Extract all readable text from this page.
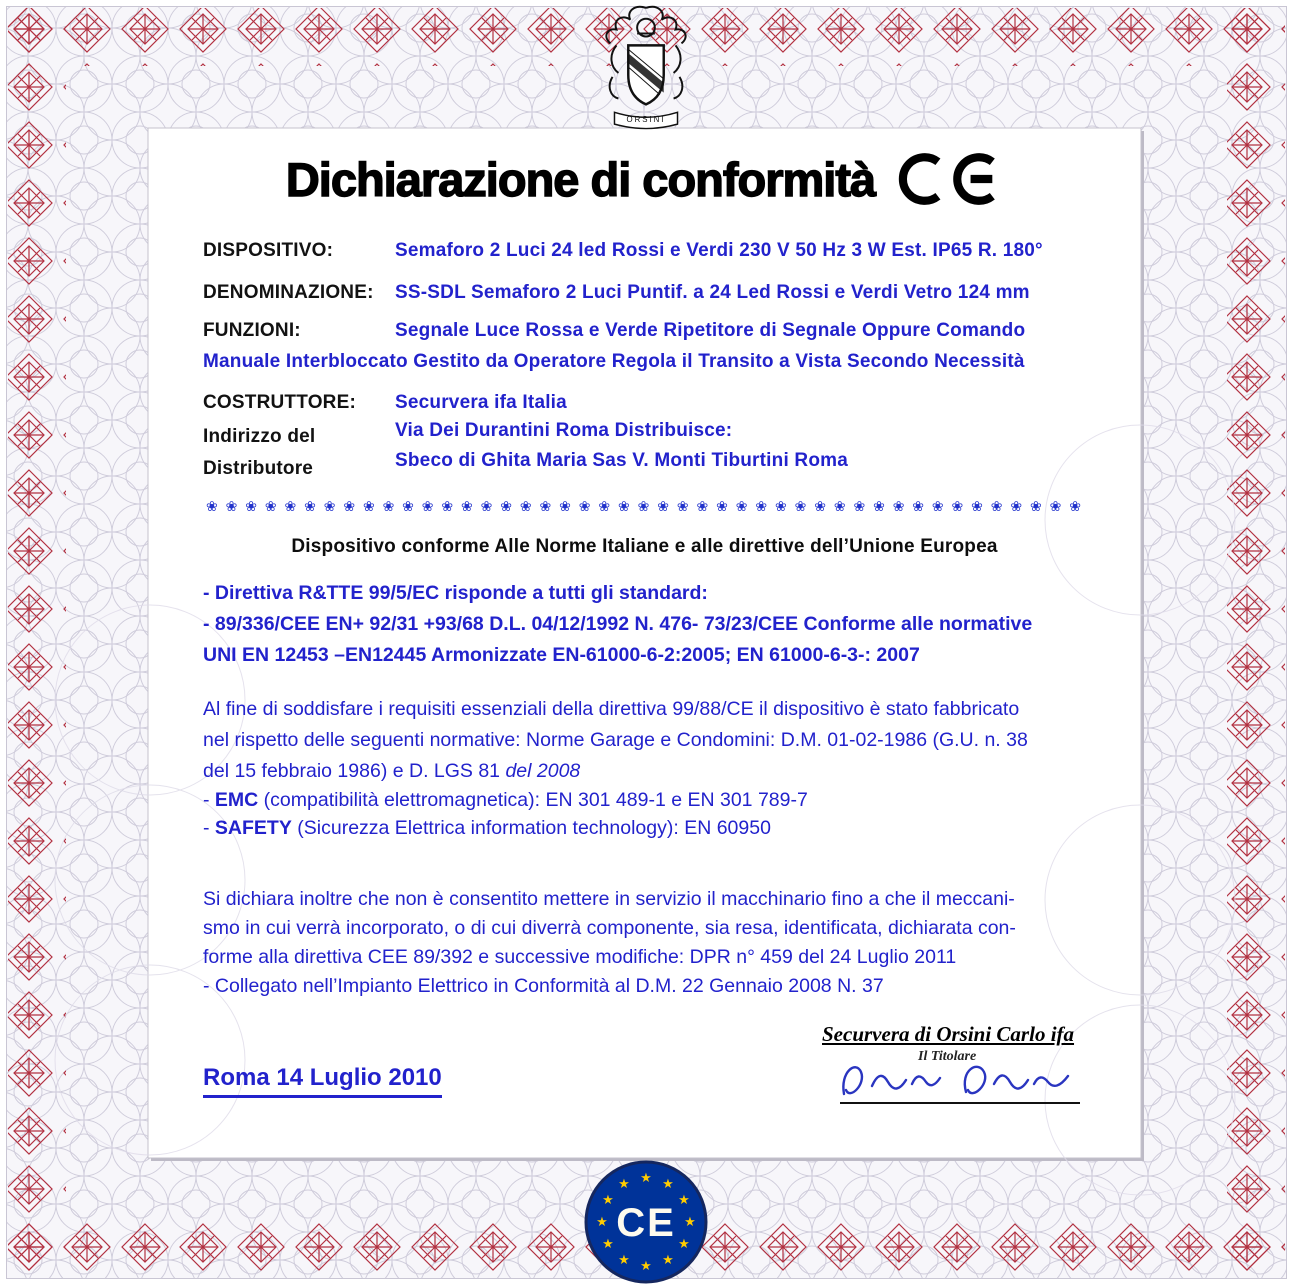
ORSINI
Dichiarazione di conformità
DISPOSITIVO:	Semaforo 2 Luci 24 led Rossi e Verdi 230 V 50 Hz 3 W Est. IP65 R. 180°
DENOMINAZIONE: SS-SDL Semaforo 2 Luci Puntif. a 24 Led Rossi e Verdi Vetro 124 mm
FUNZIONI:	Segnale Luce Rossa e Verde Ripetitore di Segnale Oppure Comando
Manuale Interbloccato Gestito da Operatore Regola il Transito a Vista Secondo Necessità
COSTRUTTORE: Securvera ifa Italia
Indirizzo del	Via Dei Durantini Roma Distribuisce:
Distributore	Sbeco di Ghita Maria Sas V. Monti Tiburtini Roma
❀ ❀ ❀ ❀ ❀ ❀ ❀ ❀ ❀ ❀ ❀ ❀ ❀ ❀ ❀ ❀ ❀ ❀ ❀ ❀ ❀ ❀ ❀ ❀ ❀ ❀ ❀ ❀ ❀ ❀ ❀ ❀ ❀ ❀ ❀ ❀ ❀ ❀ ❀ ❀ ❀ ❀ ❀ ❀ ❀
Dispositivo conforme Alle Norme Italiane e alle direttive dell’Unione Europea
- Direttiva R&TTE 99/5/EC risponde a tutti gli standard:
- 89/336/CEE EN+ 92/31 +93/68 D.L. 04/12/1992 N. 476- 73/23/CEE Conforme alle normative
UNI EN 12453 –EN12445 Armonizzate EN-61000-6-2:2005; EN 61000-6-3-: 2007
Al fine di soddisfare i requisiti essenziali della direttiva 99/88/CE il dispositivo è stato fabbricato
nel rispetto delle seguenti normative: Norme Garage e Condomini: D.M. 01-02-1986 (G.U. n. 38
del 15 febbraio 1986) e D. LGS 81 del 2008
- EMC (compatibilità elettromagnetica): EN 301 489-1 e EN 301 789-7
- SAFETY (Sicurezza Elettrica information technology): EN 60950
Si dichiara inoltre che non è consentito mettere in servizio il macchinario fino a che il meccani-
smo in cui verrà incorporato, o di cui diverrà componente, sia resa, identificata, dichiarata con-
forme alla direttiva CEE 89/392 e successive modifiche: DPR n° 459 del 24 Luglio 2011
- Collegato nell’Impianto Elettrico in Conformità al D.M. 22 Gennaio 2008 N. 37
Securvera di Orsini Carlo ifa
Il Titolare
Roma 14 Luglio 2010
★ ★
★
★
★
★
★
★
★
★
★
★
CE
